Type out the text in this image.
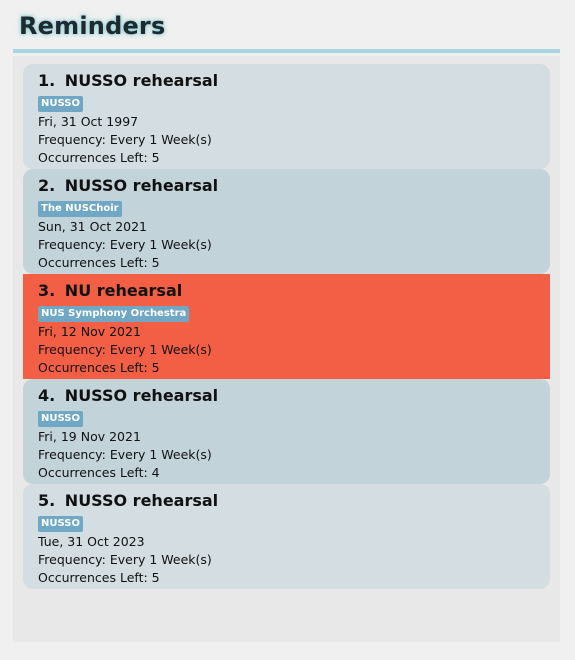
Reminders
1. NUSSO rehearsal
NUSSO
Fri, 31 Oct 1997
Frequency: Every 1 Week(s)
Occurrences Left: 5
2. NUSSO rehearsal
The NUSChoir
Sun, 31 Oct 2021
Frequency: Every 1 Week(s)
Occurrences Left: 5
3. NU rehearsal
NUS Symphony Orchestra
Fri, 12 Nov 2021
Frequency: Every 1 Week(s)
Occurrences Left: 5
4. NUSSO rehearsal
NUSSO
Fri, 19 Nov 2021
Frequency: Every 1 Week(s)
Occurrences Left: 4
5. NUSSO rehearsal
NUSSO
Tue, 31 Oct 2023
Frequency: Every 1 Week(s)
Occurrences Left: 5
